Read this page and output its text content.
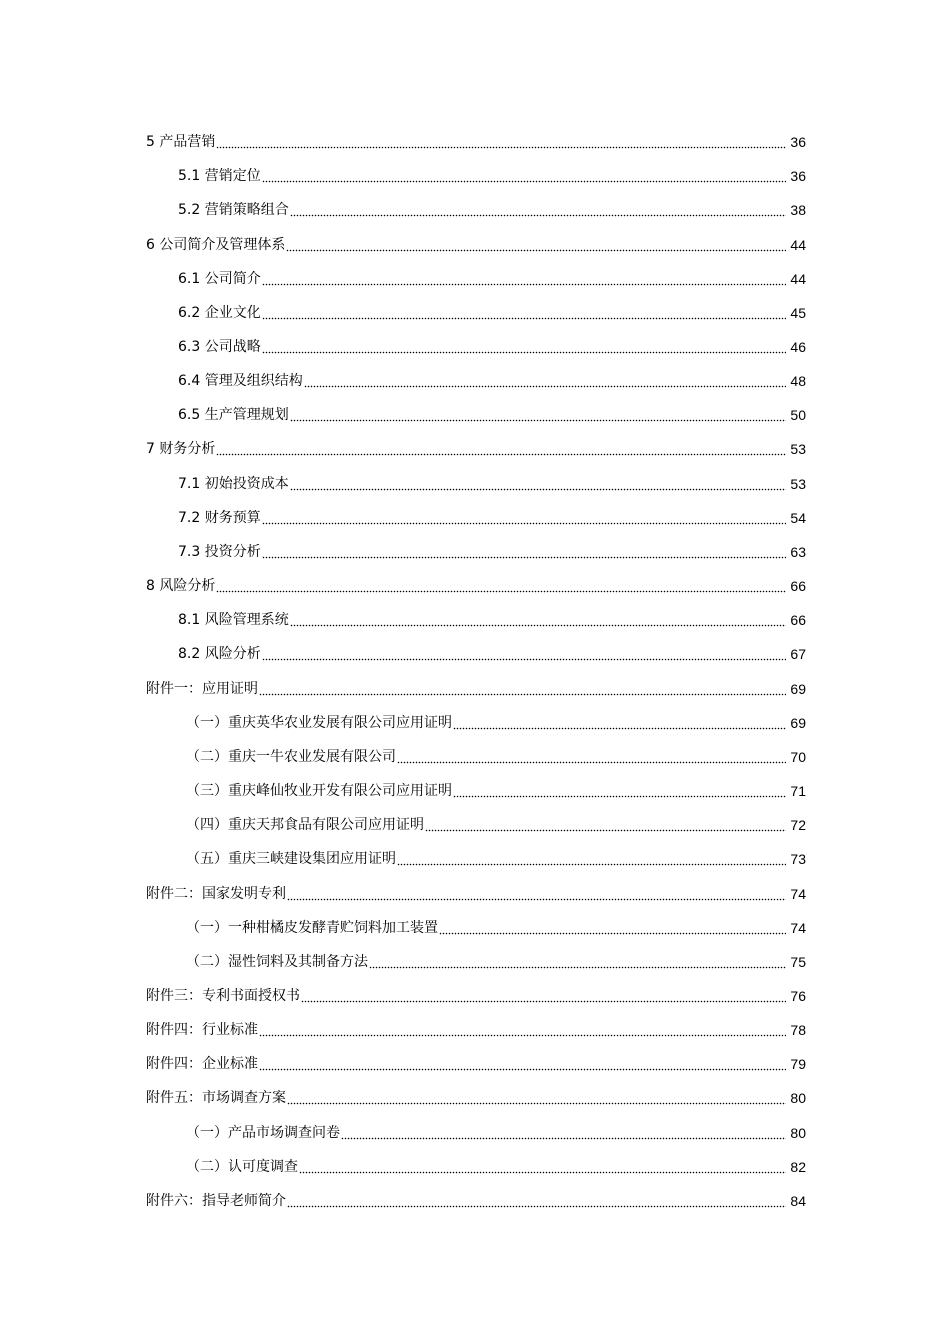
5 产品营销	36
5.1 营销定位	36
5.2 营销策略组合	38
6 公司简介及管理体系	44
6.1 公司简介	44
6.2 企业文化	45
6.3 公司战略	46
6.4 管理及组织结构	48
6.5 生产管理规划	50
7 财务分析	53
7.1 初始投资成本	53
7.2 财务预算	54
7.3 投资分析	63
8 风险分析	66
8.1 风险管理系统	66
8.2 风险分析	67
附件一：应用证明	69
（一）重庆英华农业发展有限公司应用证明	69
（二）重庆一牛农业发展有限公司	70
（三）重庆峰仙牧业开发有限公司应用证明	71
（四）重庆天邦食品有限公司应用证明	72
（五）重庆三峡建设集团应用证明	73
附件二：国家发明专利	74
（一）一种柑橘皮发酵青贮饲料加工装置	74
（二）湿性饲料及其制备方法	75
附件三：专利书面授权书	76
附件四：行业标准	78
附件四：企业标准	79
附件五：市场调查方案	80
（一）产品市场调查问卷	80
（二）认可度调查	82
附件六：指导老师简介	84
